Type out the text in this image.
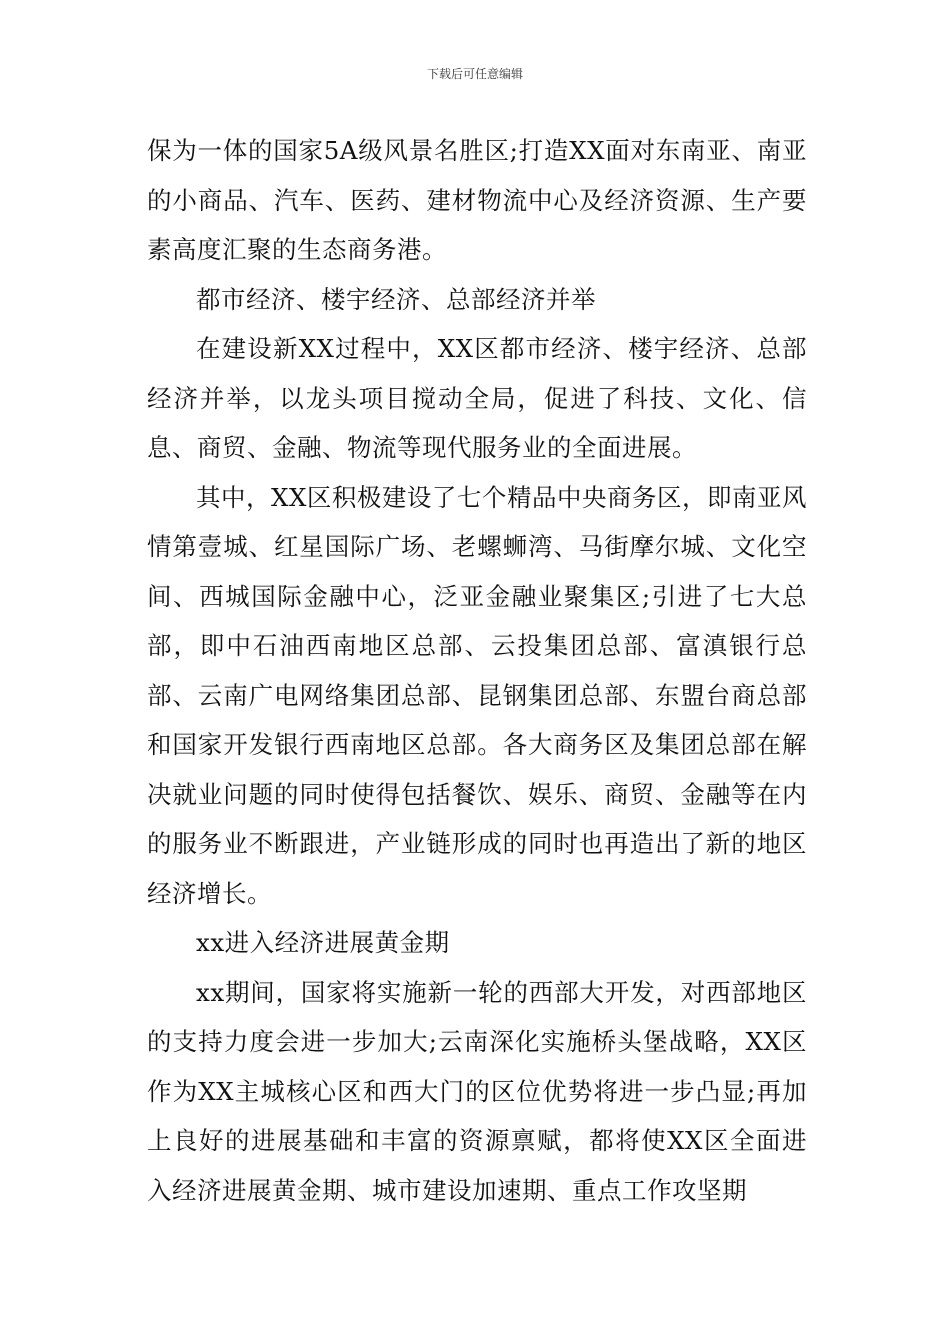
下载后可任意编辑

保为一体的国家5A级风景名胜区;打造XX面对东南亚、南亚的小商品、汽车、医药、建材物流中心及经济资源、生产要素高度汇聚的生态商务港。

都市经济、楼宇经济、总部经济并举

在建设新XX过程中，XX区都市经济、楼宇经济、总部经济并举，以龙头项目搅动全局，促进了科技、文化、信息、商贸、金融、物流等现代服务业的全面进展。

其中，XX区积极建设了七个精品中央商务区，即南亚风情第壹城、红星国际广场、老螺蛳湾、马街摩尔城、文化空间、西城国际金融中心，泛亚金融业聚集区;引进了七大总部，即中石油西南地区总部、云投集团总部、富滇银行总部、云南广电网络集团总部、昆钢集团总部、东盟台商总部和国家开发银行西南地区总部。各大商务区及集团总部在解决就业问题的同时使得包括餐饮、娱乐、商贸、金融等在内的服务业不断跟进，产业链形成的同时也再造出了新的地区经济增长。

xx进入经济进展黄金期

xx期间，国家将实施新一轮的西部大开发，对西部地区的支持力度会进一步加大;云南深化实施桥头堡战略，XX区作为XX主城核心区和西大门的区位优势将进一步凸显;再加上良好的进展基础和丰富的资源禀赋，都将使XX区全面进入经济进展黄金期、城市建设加速期、重点工作攻坚期
